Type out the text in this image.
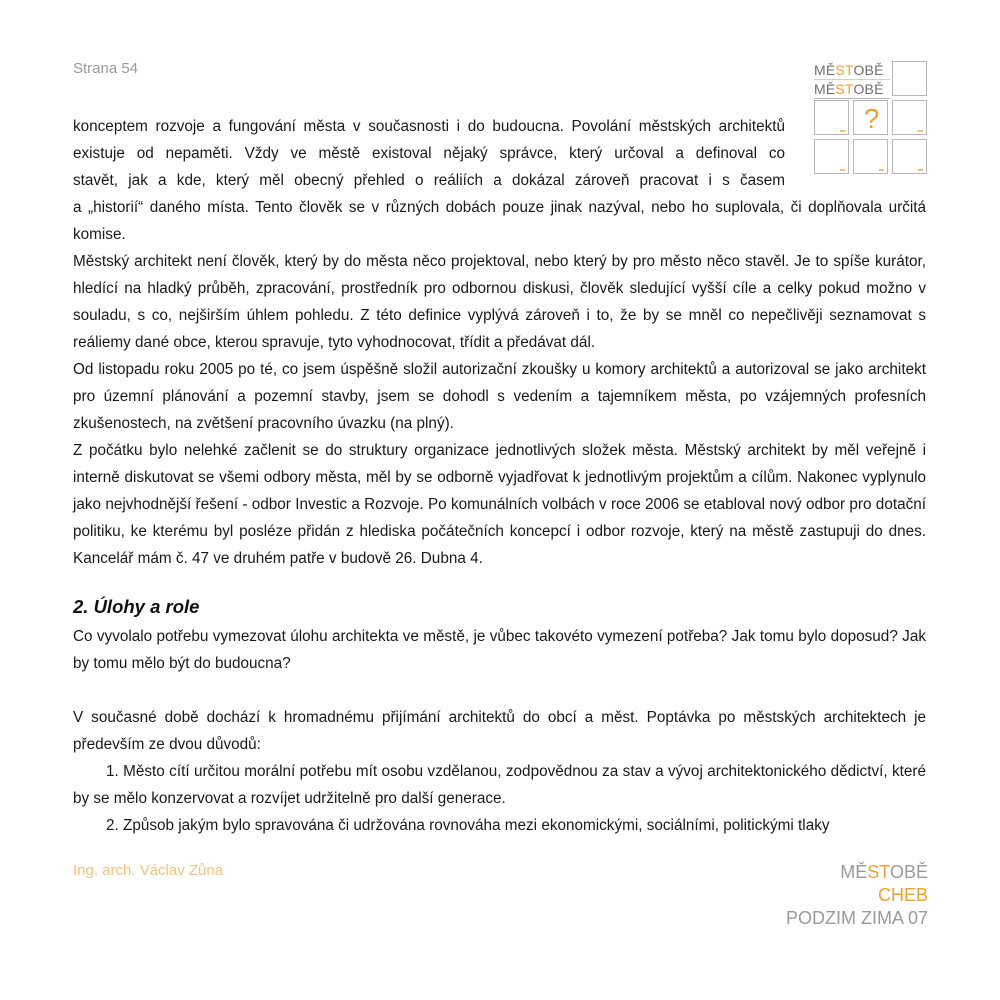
Strana 54	MĚSTOBĚ
MĚSTOBĚ
?

konceptem rozvoje a fungování města v současnosti i do budoucna. Povolání městských architektů

existuje od nepaměti. Vždy ve městě existoval nějaký správce, který určoval a definoval co

stavět, jak a kde, který měl obecný přehled o reáliích a dokázal zároveň pracovat i s časem

a „historií“ daného místa. Tento člověk se v různých dobách pouze jinak nazýval, nebo ho suplovala, či doplňovala určitá komise.

Městský architekt není člověk, který by do města něco projektoval, nebo který by pro město něco stavěl. Je to spíše kurátor, hledící na hladký průběh, zpracování, prostředník pro odbornou diskusi, člověk sledující vyšší cíle a celky pokud možno v souladu, s co, nejširším úhlem pohledu. Z této definice vyplývá zároveň i to, že by se mněl co nepečlivěji seznamovat s reáliemy dané obce, kterou spravuje, tyto vyhodnocovat, třídit a předávat dál.

Od listopadu roku 2005 po té, co jsem úspěšně složil autorizační zkoušky u komory architektů a autorizoval se jako architekt pro územní plánování a pozemní stavby, jsem se dohodl s vedením a tajemníkem města, po vzájemných profesních zkušenostech, na zvětšení pracovního úvazku (na plný).

Z počátku bylo nelehké začlenit se do struktury organizace jednotlivých složek města. Městský architekt by měl veřejně i interně diskutovat se všemi odbory města, měl by se odborně vyjadřovat k jednotlivým projektům a cílům. Nakonec vyplynulo jako nejvhodnější řešení - odbor Investic a Rozvoje. Po komunálních volbách v roce 2006 se etabloval nový odbor pro dotační politiku, ke kterému byl posléze přidán z hlediska počátečních koncepcí i odbor rozvoje, který na městě zastupuji do dnes. Kancelář mám č. 47 ve druhém patře v budově 26. Dubna 4.

2. Úlohy a role

Co vyvolalo potřebu vymezovat úlohu architekta ve městě, je vůbec takovéto vymezení potřeba? Jak tomu bylo doposud? Jak by tomu mělo být do budoucna?

V současné době dochází k hromadnému přijímání architektů do obcí a měst. Poptávka po městských architektech je především ze dvou důvodů:

1. Město cítí určitou morální potřebu mít osobu vzdělanou, zodpovědnou za stav a vývoj architektonického dědictví, které by se mělo konzervovat a rozvíjet udržitelně pro další generace.

2. Způsob jakým bylo spravována či udržována rovnováha mezi ekonomickými, sociálními, politickými tlaky

Ing. arch. Václav Zůna	MĚSTOBĚ
CHEB
PODZIM ZIMA 07
